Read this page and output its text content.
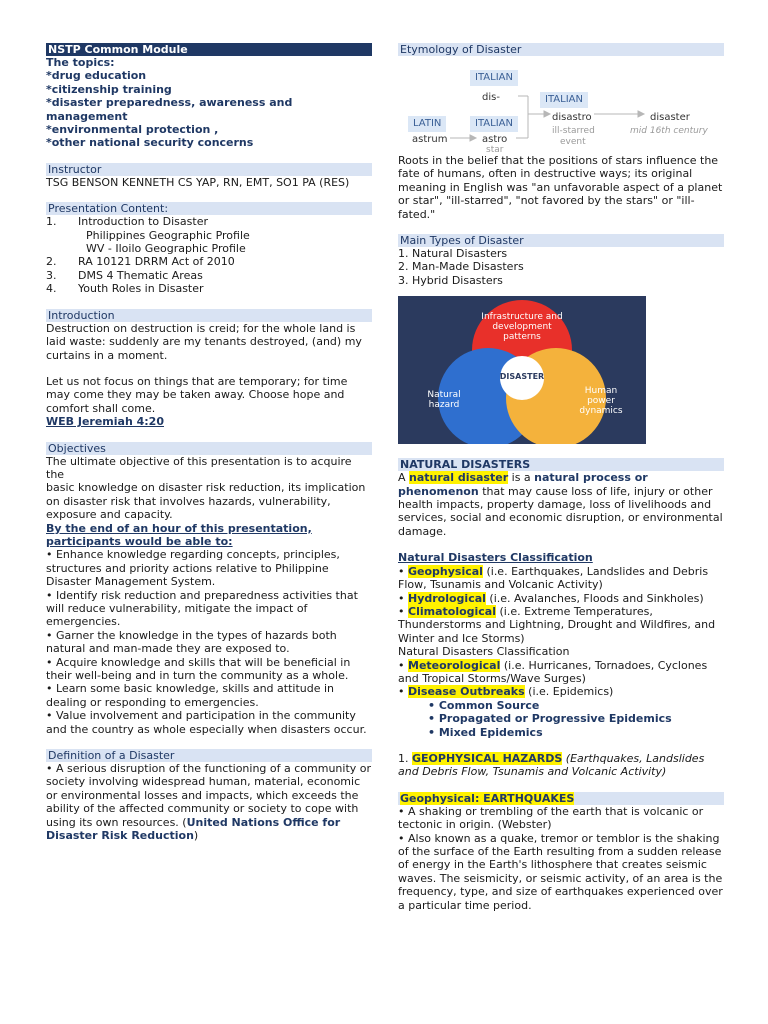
NSTP Common Module
The topics:
*drug education
*citizenship training
*disaster preparedness, awareness and management
*environmental protection ,
*other national security concerns
Instructor
TSG BENSON KENNETH CS YAP, RN, EMT, SO1 PA (RES)
Presentation Content:
1.	Introduction to Disaster
Philippines Geographic Profile
WV - Iloilo Geographic Profile
2.	RA 10121 DRRM Act of 2010
3.	DMS 4 Thematic Areas
4.	Youth Roles in Disaster
Introduction
Destruction on destruction is creid; for the whole land is laid waste: suddenly are my tenants destroyed, (and) my curtains in a moment.
Let us not focus on things that are temporary; for time may come they may be taken away. Choose hope and comfort shall come.
WEB Jeremiah 4:20
Objectives
The ultimate objective of this presentation is to acquire the
basic knowledge on disaster risk reduction, its implication on disaster risk that involves hazards, vulnerability, exposure and capacity.
By the end of an hour of this presentation, participants would be able to:
• Enhance knowledge regarding concepts, principles, structures and priority actions relative to Philippine Disaster Management System.
• Identify risk reduction and preparedness activities that will reduce vulnerability, mitigate the impact of emergencies.
• Garner the knowledge in the types of hazards both natural and man-made they are exposed to.
• Acquire knowledge and skills that will be beneficial in their well-being and in turn the community as a whole.
• Learn some basic knowledge, skills and attitude in dealing or responding to emergencies.
• Value involvement and participation in the community and the country as whole especially when disasters occur.
Definition of a Disaster
• A serious disruption of the functioning of a community or society involving widespread human, material, economic or environmental losses and impacts, which exceeds the ability of the affected community or society to cope with using its own resources. (United Nations Office for Disaster Risk Reduction)
Etymology of Disaster
ITALIAN
dis-	ITALIAN
LATIN	ITALIAN
disastro	disaster
ill-starred
event
mid 16th century
astrum	astro
star
Roots in the belief that the positions of stars influence the fate of humans, often in destructive ways; its original meaning in English was "an unfavorable aspect of a planet or star", "ill-starred", "not favored by the stars" or "ill-fated."
Main Types of Disaster
1. Natural Disasters
2. Man-Made Disasters
3. Hybrid Disasters
Infrastructure and development patterns
Natural hazard
Human power dynamics
DISASTER
NATURAL DISASTERS
A natural disaster is a natural process or phenomenon that may cause loss of life, injury or other health impacts, property damage, loss of livelihoods and services, social and economic disruption, or environmental damage.
Natural Disasters Classification
• Geophysical (i.e. Earthquakes, Landslides and Debris Flow, Tsunamis and Volcanic Activity)
• Hydrological (i.e. Avalanches, Floods and Sinkholes)
• Climatological (i.e. Extreme Temperatures, Thunderstorms and Lightning, Drought and Wildfires, and Winter and Ice Storms)
Natural Disasters Classification
• Meteorological (i.e. Hurricanes, Tornadoes, Cyclones and Tropical Storms/Wave Surges)
• Disease Outbreaks (i.e. Epidemics)
• Common Source
• Propagated or Progressive Epidemics
• Mixed Epidemics
1. GEOPHYSICAL HAZARDS (Earthquakes, Landslides and Debris Flow, Tsunamis and Volcanic Activity)
Geophysical: EARTHQUAKES
• A shaking or trembling of the earth that is volcanic or tectonic in origin. (Webster)
• Also known as a quake, tremor or temblor is the shaking of the surface of the Earth resulting from a sudden release of energy in the Earth's lithosphere that creates seismic waves. The seismicity, or seismic activity, of an area is the frequency, type, and size of earthquakes experienced over a particular time period.
